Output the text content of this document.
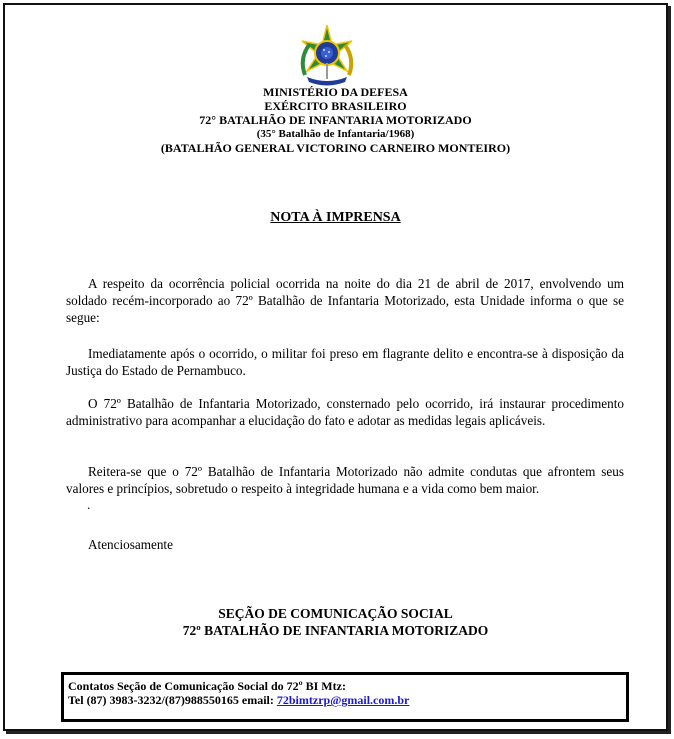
MINISTÉRIO DA DEFESA
EXÉRCITO BRASILEIRO
72° BATALHÃO DE INFANTARIA MOTORIZADO
(35° Batalhão de Infantaria/1968)
(BATALHÃO GENERAL VICTORINO CARNEIRO MONTEIRO)
NOTA À IMPRENSA
A respeito da ocorrência policial ocorrida na noite do dia 21 de abril de 2017, envolvendo um soldado recém-incorporado ao 72º Batalhão de Infantaria Motorizado, esta Unidade informa o que se segue:
Imediatamente após o ocorrido, o militar foi preso em flagrante delito e encontra-se à disposição da Justiça do Estado de Pernambuco.
O 72º Batalhão de Infantaria Motorizado, consternado pelo ocorrido, irá instaurar procedimento administrativo para acompanhar a elucidação do fato e adotar as medidas legais aplicáveis.
Reitera-se que o 72º Batalhão de Infantaria Motorizado não admite condutas que afrontem seus valores e princípios, sobretudo o respeito à integridade humana e a vida como bem maior.
.
Atenciosamente
SEÇÃO DE COMUNICAÇÃO SOCIAL
72º BATALHÃO DE INFANTARIA MOTORIZADO
Contatos Seção de Comunicação Social do 72º BI Mtz:
Tel (87) 3983-3232/(87)988550165 email: 72bimtzrp@gmail.com.br
